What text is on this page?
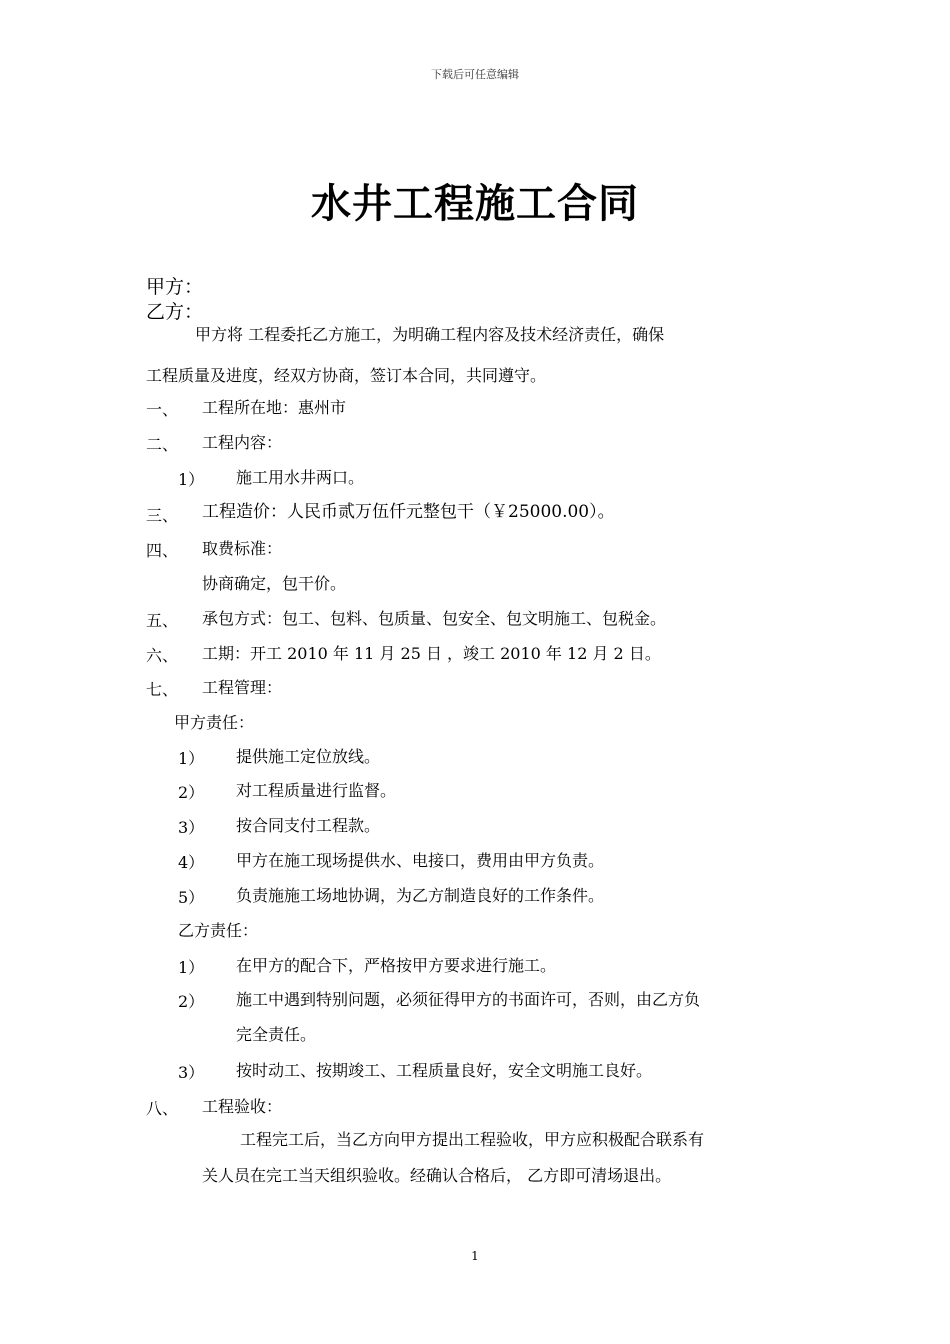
下载后可任意编辑
水井工程施工合同
甲方：
乙方：
甲方将 工程委托乙方施工，为明确工程内容及技术经济责任，确保
工程质量及进度，经双方协商，签订本合同，共同遵守。
一、 工程所在地：惠州市
二、 工程内容：
1） 施工用水井两口。
三、 工程造价：人民币贰万伍仟元整包干（￥25000.00）。
四、 取费标准：
协商确定，包干价。
五、 承包方式：包工、包料、包质量、包安全、包文明施工、包税金。
六、 工期：开工 2010 年 11 月 25 日 ，竣工 2010 年 12 月 2 日。
七、 工程管理：
甲方责任：
1） 提供施工定位放线。
2） 对工程质量进行监督。
3） 按合同支付工程款。
4） 甲方在施工现场提供水、电接口，费用由甲方负责。
5） 负责施施工场地协调，为乙方制造良好的工作条件。
乙方责任：
1） 在甲方的配合下，严格按甲方要求进行施工。
2） 施工中遇到特别问题，必须征得甲方的书面许可，否则，由乙方负
完全责任。
3） 按时动工、按期竣工、工程质量良好，安全文明施工良好。
八、 工程验收：
工程完工后，当乙方向甲方提出工程验收，甲方应积极配合联系有
关人员在完工当天组织验收。经确认合格后， 乙方即可清场退出。
1
